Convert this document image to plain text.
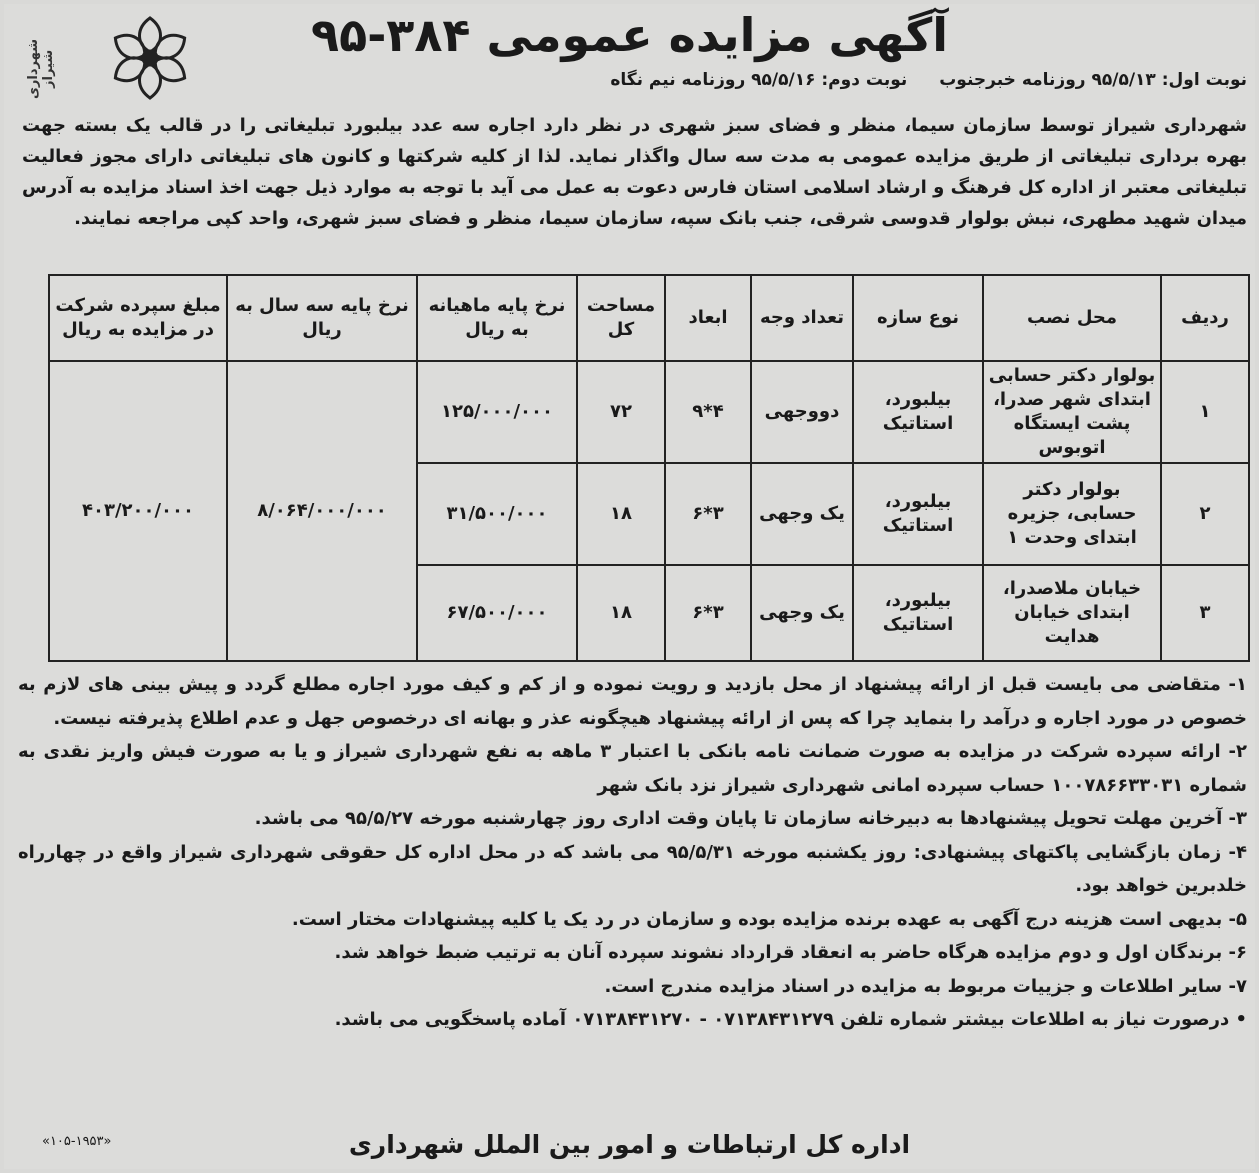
آگهی مزایده عمومی ۳۸۴-۹۵
شهرداری شیراز	نوبت اول: ۹۵/۵/۱۳ روزنامه خبرجنوب نوبت دوم: ۹۵/۵/۱۶ روزنامه نیم نگاه
شهرداری شیراز توسط سازمان سیما، منظر و فضای سبز شهری در نظر دارد اجاره سه عدد بیلبورد تبلیغاتی را در قالب یک بسته جهت بهره برداری تبلیغاتی از طریق مزایده عمومی به مدت سه سال واگذار نماید. لذا از کلیه شرکتها و کانون های تبلیغاتی دارای مجوز فعالیت تبلیغاتی معتبر از اداره کل فرهنگ و ارشاد اسلامی استان فارس دعوت به عمل می آید با توجه به موارد ذیل جهت اخذ اسناد مزایده به آدرس میدان شهید مطهری، نبش بولوار قدوسی شرقی، جنب بانک سپه، سازمان سیما، منظر و فضای سبز شهری، واحد کپی مراجعه نمایند.
ردیف	محل نصب	نوع سازه	تعداد وجه	ابعاد	مساحت کل	نرخ پایه ماهیانه به ریال	نرخ پایه سه سال به ریال	مبلغ سپرده شرکت در مزایده به ریال
۱	بولوار دکتر حسابی ابتدای شهر صدرا، پشت ایستگاه اتوبوس	بیلبورد، استاتیک	دووجهی	۹*۴	۷۲	۱۲۵/۰۰۰/۰۰۰	۸/۰۶۴/۰۰۰/۰۰۰	۴۰۳/۲۰۰/۰۰۰
۲	بولوار دکتر حسابی، جزیره ابتدای وحدت ۱	بیلبورد، استاتیک	یک وجهی	۶*۳	۱۸	۳۱/۵۰۰/۰۰۰		
۳	خیابان ملاصدرا، ابتدای خیابان هدایت	بیلبورد، استاتیک	یک وجهی	۶*۳	۱۸	۶۷/۵۰۰/۰۰۰		

۱- متقاضی می بایست قبل از ارائه پیشنهاد از محل بازدید و رویت نموده و از کم و کیف مورد اجاره مطلع گردد و پیش بینی های لازم به خصوص در مورد اجاره و درآمد را بنماید چرا که پس از ارائه پیشنهاد هیچگونه عذر و بهانه ای درخصوص جهل و عدم اطلاع پذیرفته نیست.

۲- ارائه سپرده شرکت در مزایده به صورت ضمانت نامه بانکی با اعتبار ۳ ماهه به نفع شهرداری شیراز و یا به صورت فیش واریز نقدی به شماره ۱۰۰۷۸۶۶۳۳۰۳۱ حساب سپرده امانی شهرداری شیراز نزد بانک شهر

۳- آخرین مهلت تحویل پیشنهادها به دبیرخانه سازمان تا پایان وقت اداری روز چهارشنبه مورخه ۹۵/۵/۲۷ می باشد.

۴- زمان بازگشایی پاکتهای پیشنهادی: روز یکشنبه مورخه ۹۵/۵/۳۱ می باشد که در محل اداره کل حقوقی شهرداری شیراز واقع در چهارراه خلدبرین خواهد بود.

۵- بدیهی است هزینه درج آگهی به عهده برنده مزایده بوده و سازمان در رد یک یا کلیه پیشنهادات مختار است.

۶- برندگان اول و دوم مزایده هرگاه حاضر به انعقاد قرارداد نشوند سپرده آنان به ترتیب ضبط خواهد شد.

۷- سایر اطلاعات و جزییات مربوط به مزایده در اسناد مزایده مندرج است.

• درصورت نیاز به اطلاعات بیشتر شماره تلفن ۰۷۱۳۸۴۳۱۲۷۹ - ۰۷۱۳۸۴۳۱۲۷۰ آماده پاسخگویی می باشد.

اداره کل ارتباطات و امور بین الملل شهرداری
«۱۰۵-۱۹۵۳»
